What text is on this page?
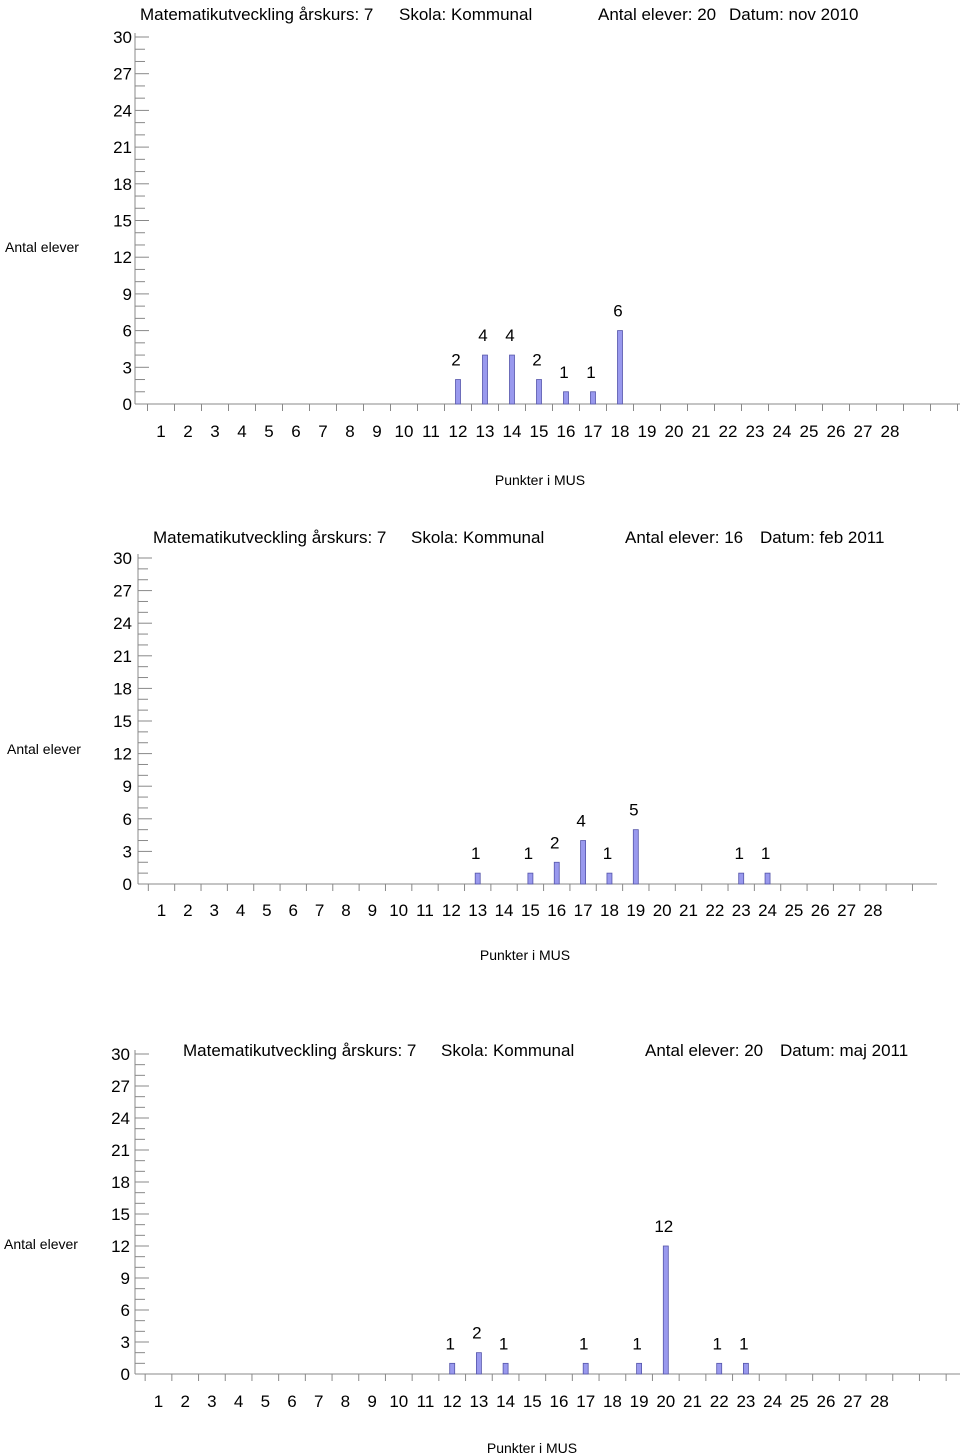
Matematikutveckling årskurs: 7 Skola: Kommunal	Antal elever: 20 Datum: nov 2010
Antal elever
0
3
6
9
12
15
18
21
24
27
30
1 2 3 4 5 6 7 8 9 10 11 12 13 14 15 16 17 18 19 20 21 22 23 24 25 26 27 28
Punkter i MUS
2
4 4
2
1 1
6
Matematikutveckling årskurs: 7 Skola: Kommunal	Antal elever: 16 Datum: feb 2011
Antal elever
0
3
6
9
12
15
18
21
24
27
30
1 2 3 4 5 6 7 8 9 10 11 12 13 14 15 16 17 18 19 20 21 22 23 24 25 26 27 28
Punkter i MUS
1	1
2
4
1
5
1 1
Matematikutveckling årskurs: 7 Skola: Kommunal	Antal elever: 20 Datum: maj 2011
Antal elever
0
3
6
9
12
15
18
21
24
27
30
1 2 3 4 5 6 7 8 9 10 11 12 13 14 15 16 17 18 19 20 21 22 23 24 25 26 27 28
Punkter i MUS
1
2
1	1	1
12
1 1
